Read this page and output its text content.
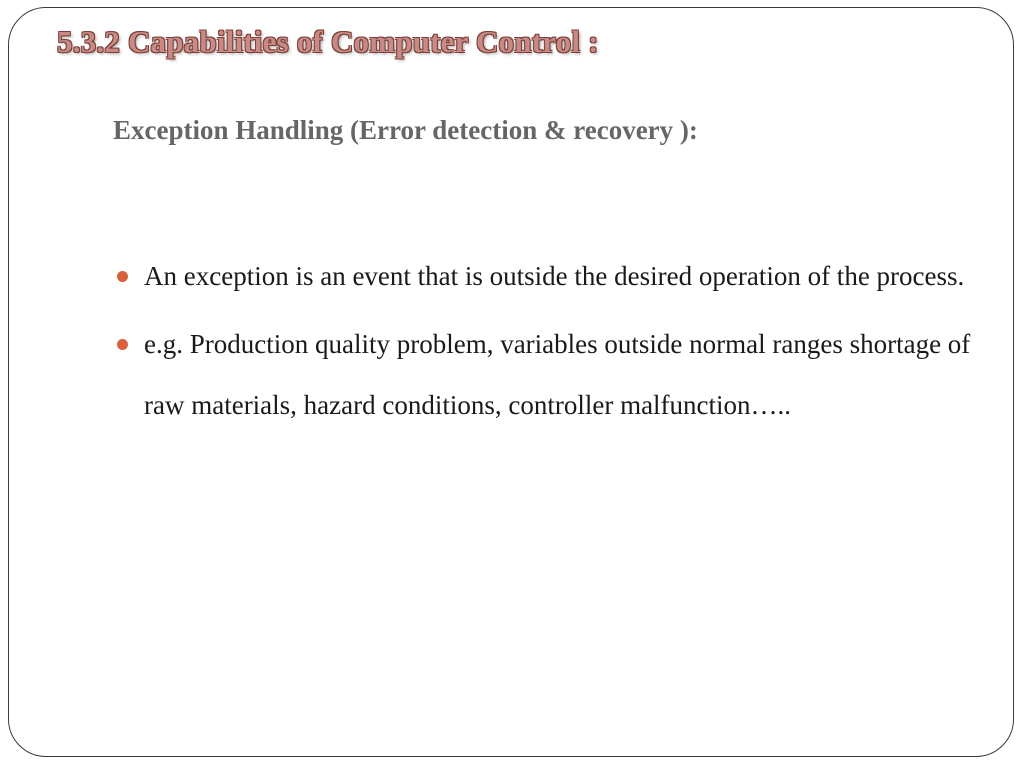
5.3.2 Capabilities of Computer Control :
Exception Handling (Error detection & recovery ):
An exception is an event that is outside the desired operation of the process.
e.g. Production quality problem, variables outside normal ranges shortage of raw materials, hazard conditions, controller malfunction…..
